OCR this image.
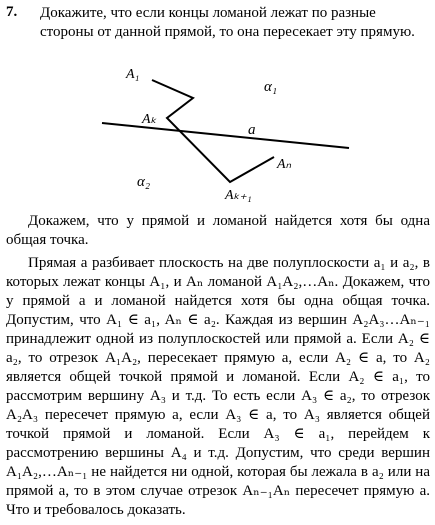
7. Докажите, что если концы ломаной лежат по разные стороны от данной прямой, то она пересекает эту прямую.
A₁
Aₖ
Aₖ₊₁
Aₙ
a
α₁
α₂

Докажем, что у прямой и ломаной найдется хотя бы одна общая точка.

Прямая a разбивает плоскость на две полуплоскости a₁ и a₂, в которых лежат концы A₁, и Aₙ ломаной A₁A₂,…Aₙ. Докажем, что у прямой a и ломаной найдется хотя бы одна общая точка. Допустим, что A₁ ∈ a₁, Aₙ ∈ a₂. Каждая из вершин A₂A₃…Aₙ₋₁ принадлежит одной из полуплоскостей или прямой a. Если A₂ ∈ a₂, то отрезок A₁A₂, пересекает прямую a, если A₂ ∈ a, то A₂ является общей точкой прямой и ломаной. Если A₂ ∈ a₁, то рассмотрим вершину A₃ и т.д. То есть если A₃ ∈ a₂, то отрезок A₂A₃ пересечет прямую a, если A₃ ∈ a, то A₃ является общей точкой прямой и ломаной. Если A₃ ∈ a₁, перейдем к рассмотрению вершины A₄ и т.д. Допустим, что среди вершин A₁A₂,…Aₙ₋₁ не найдется ни одной, которая бы лежала в a₂ или на прямой a, то в этом случае отрезок Aₙ₋₁Aₙ пересечет прямую a. Что и требовалось доказать.
